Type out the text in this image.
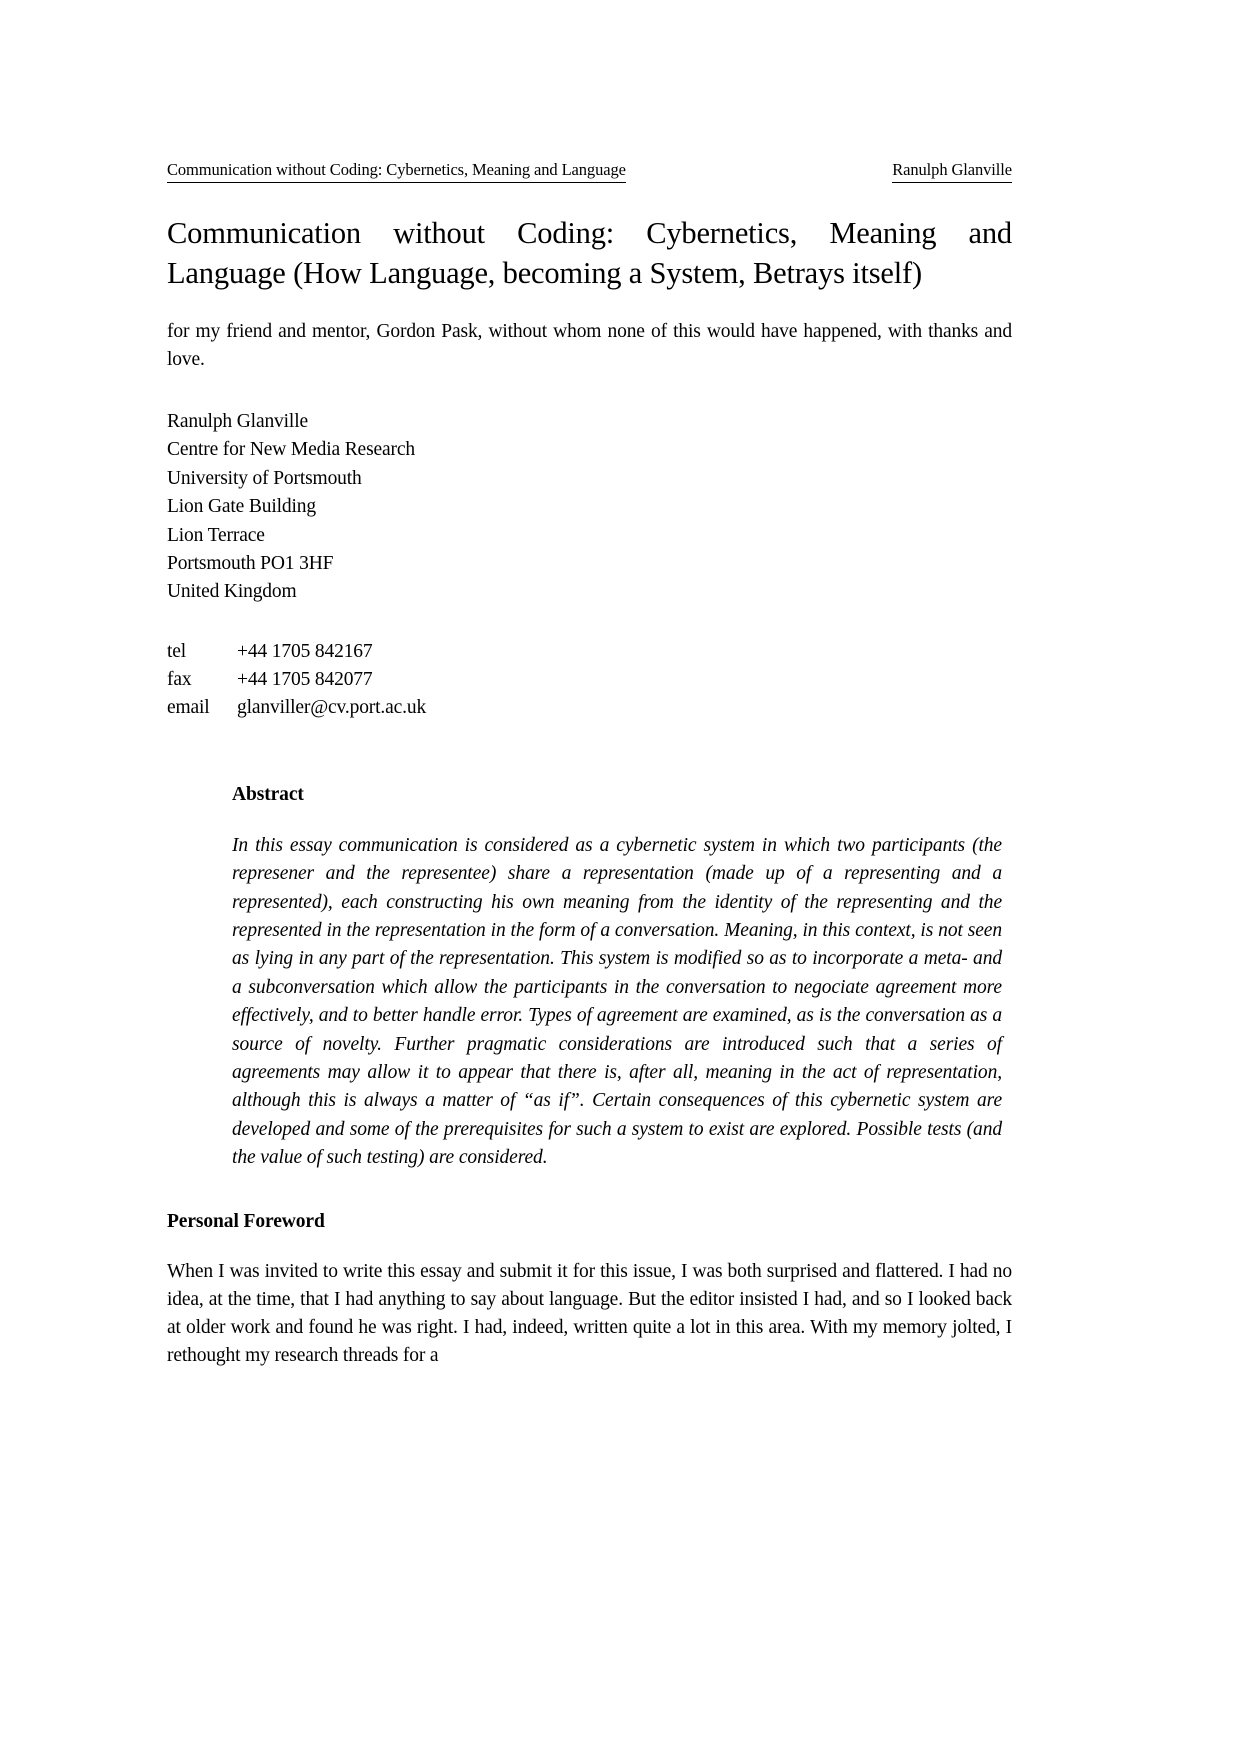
Communication without Coding: Cybernetics, Meaning and Language	Ranulph Glanville
Communication   without   Coding:   Cybernetics,   Meaning   and
Language (How Language, becoming a System, Betrays itself)

for my friend and mentor, Gordon Pask, without whom none of this would have happened, with thanks and love.

Ranulph Glanville
Centre for New Media Research
University of Portsmouth
Lion Gate Building
Lion Terrace
Portsmouth PO1 3HF
United Kingdom
tel	+44 1705 842167
fax	+44 1705 842077
email	glanviller@cv.port.ac.uk
Abstract

In this essay communication is considered as a cybernetic system in which two participants (the represener and the representee) share a representation (made up of a representing and a represented), each constructing his own meaning from the identity of the representing and the represented in the representation in the form of a conversation. Meaning, in this context, is not seen as lying in any part of the representation. This system is modified so as to incorporate a meta- and a subconversation which allow the participants in the conversation to negociate agreement more effectively, and to better handle error. Types of agreement are examined, as is the conversation as a source of novelty. Further pragmatic considerations are introduced such that a series of agreements may allow it to appear that there is, after all, meaning in the act of representation, although this is always a matter of “as if”. Certain consequences of this cybernetic system are developed and some of the prerequisites for such a system to exist are explored. Possible tests (and the value of such testing) are considered.

Personal Foreword

When I was invited to write this essay and submit it for this issue, I was both surprised and flattered. I had no idea, at the time, that I had anything to say about language. But the editor insisted I had, and so I looked back at older work and found he was right. I had, indeed, written quite a lot in this area. With my memory jolted, I rethought my research threads for a
